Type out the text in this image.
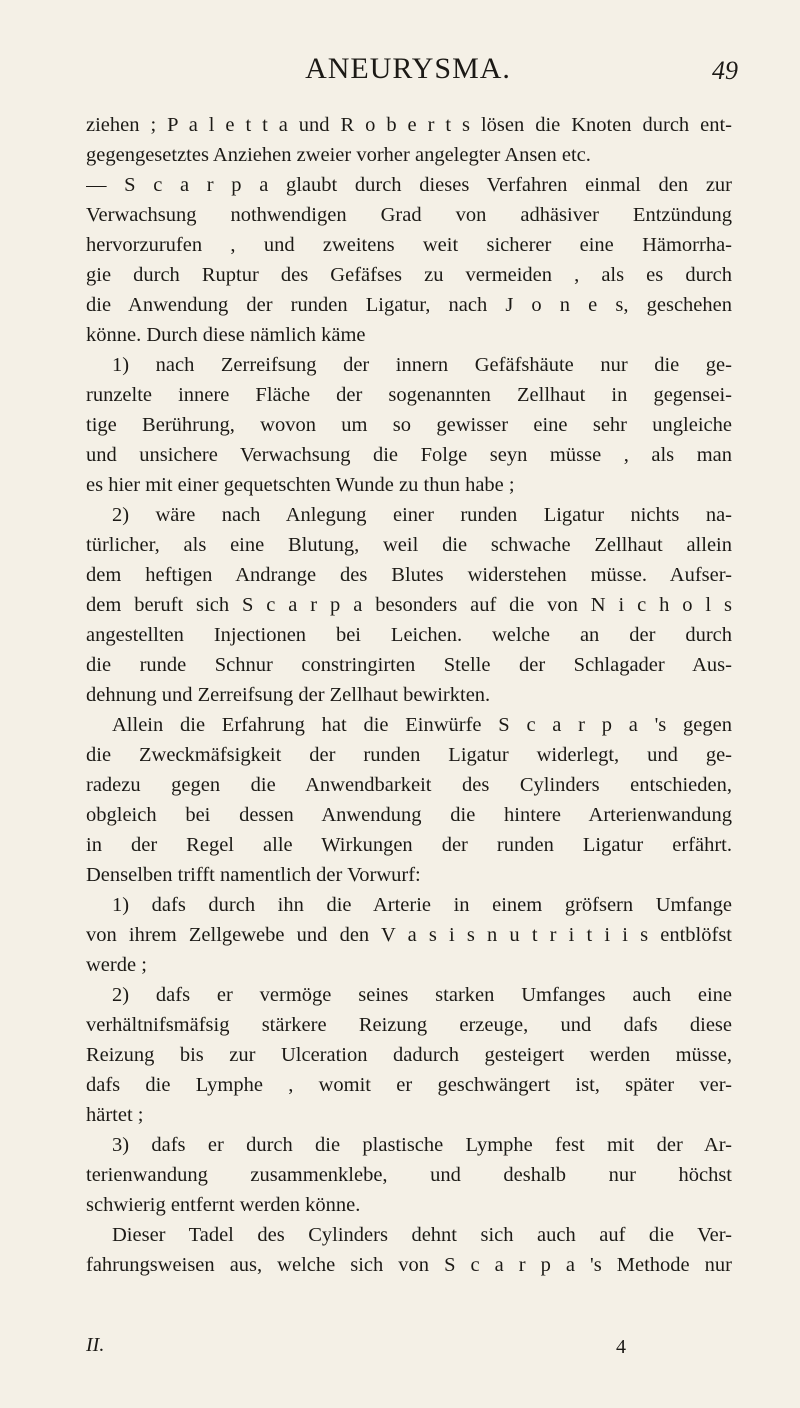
ANEURYSMA.	49
ziehen ; P a l e t t a und R o b e r t s lösen die Knoten durch ent-
gegengesetztes Anziehen zweier vorher angelegter Ansen etc.
— S c a r p a glaubt durch dieses Verfahren einmal den zur
Verwachsung nothwendigen Grad von adhäsiver Entzündung
hervorzurufen , und zweitens weit sicherer eine Hämorrha-
gie durch Ruptur des Gefäfses zu vermeiden , als es durch
die Anwendung der runden Ligatur, nach J o n e s, geschehen
könne. Durch diese nämlich käme
1) nach Zerreifsung der innern Gefäfshäute nur die ge-
runzelte innere Fläche der sogenannten Zellhaut in gegensei-
tige Berührung, wovon um so gewisser eine sehr ungleiche
und unsichere Verwachsung die Folge seyn müsse , als man
es hier mit einer gequetschten Wunde zu thun habe ;
2) wäre nach Anlegung einer runden Ligatur nichts na-
türlicher, als eine Blutung, weil die schwache Zellhaut allein
dem heftigen Andrange des Blutes widerstehen müsse. Aufser-
dem beruft sich S c a r p a besonders auf die von N i c h o l s
angestellten Injectionen bei Leichen. welche an der durch
die runde Schnur constringirten Stelle der Schlagader Aus-
dehnung und Zerreifsung der Zellhaut bewirkten.
Allein die Erfahrung hat die Einwürfe S c a r p a 's gegen
die Zweckmäfsigkeit der runden Ligatur widerlegt, und ge-
radezu gegen die Anwendbarkeit des Cylinders entschieden,
obgleich bei dessen Anwendung die hintere Arterienwandung
in der Regel alle Wirkungen der runden Ligatur erfährt.
Denselben trifft namentlich der Vorwurf:
1) dafs durch ihn die Arterie in einem gröfsern Umfange
von ihrem Zellgewebe und den V a s i s n u t r i t i i s entblöfst
werde ;
2) dafs er vermöge seines starken Umfanges auch eine
verhältnifsmäfsig stärkere Reizung erzeuge, und dafs diese
Reizung bis zur Ulceration dadurch gesteigert werden müsse,
dafs die Lymphe , womit er geschwängert ist, später ver-
härtet ;
3) dafs er durch die plastische Lymphe fest mit der Ar-
terienwandung zusammenklebe, und deshalb nur höchst
schwierig entfernt werden könne.
Dieser Tadel des Cylinders dehnt sich auch auf die Ver-
fahrungsweisen aus, welche sich von S c a r p a 's Methode nur
II.	4
